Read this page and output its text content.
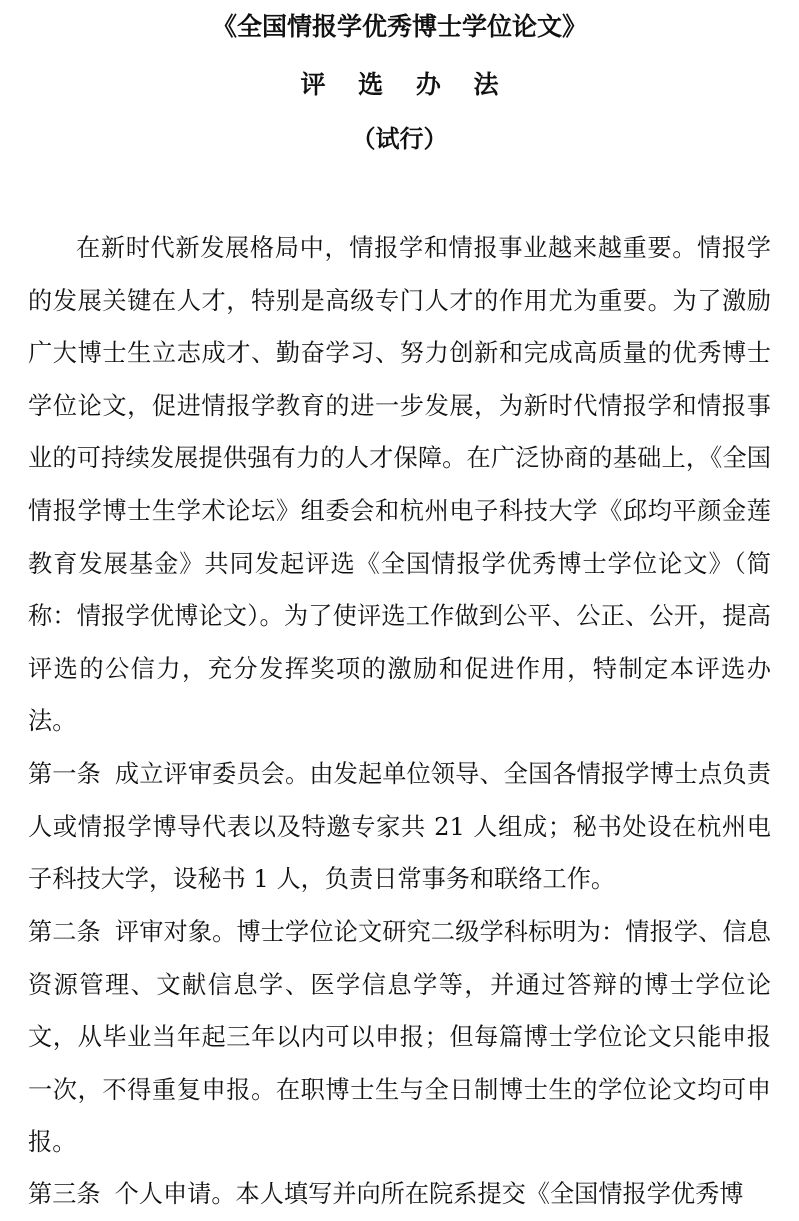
《全国情报学优秀博士学位论文》
评 选 办 法
（试行）

在新时代新发展格局中，情报学和情报事业越来越重要。情报学的发展关键在人才，特别是高级专门人才的作用尤为重要。为了激励广大博士生立志成才、勤奋学习、努力创新和完成高质量的优秀博士学位论文，促进情报学教育的进一步发展，为新时代情报学和情报事业的可持续发展提供强有力的人才保障。在广泛协商的基础上，《全国情报学博士生学术论坛》组委会和杭州电子科技大学《邱均平颜金莲教育发展基金》共同发起评选《全国情报学优秀博士学位论文》（简称：情报学优博论文）。为了使评选工作做到公平、公正、公开，提高评选的公信力，充分发挥奖项的激励和促进作用，特制定本评选办法。

第一条 成立评审委员会。由发起单位领导、全国各情报学博士点负责人或情报学博导代表以及特邀专家共 21 人组成；秘书处设在杭州电子科技大学，设秘书 1 人，负责日常事务和联络工作。

第二条 评审对象。博士学位论文研究二级学科标明为：情报学、信息资源管理、文献信息学、医学信息学等，并通过答辩的博士学位论文，从毕业当年起三年以内可以申报；但每篇博士学位论文只能申报一次，不得重复申报。在职博士生与全日制博士生的学位论文均可申报。

第三条 个人申请。本人填写并向所在院系提交《全国情报学优秀博
